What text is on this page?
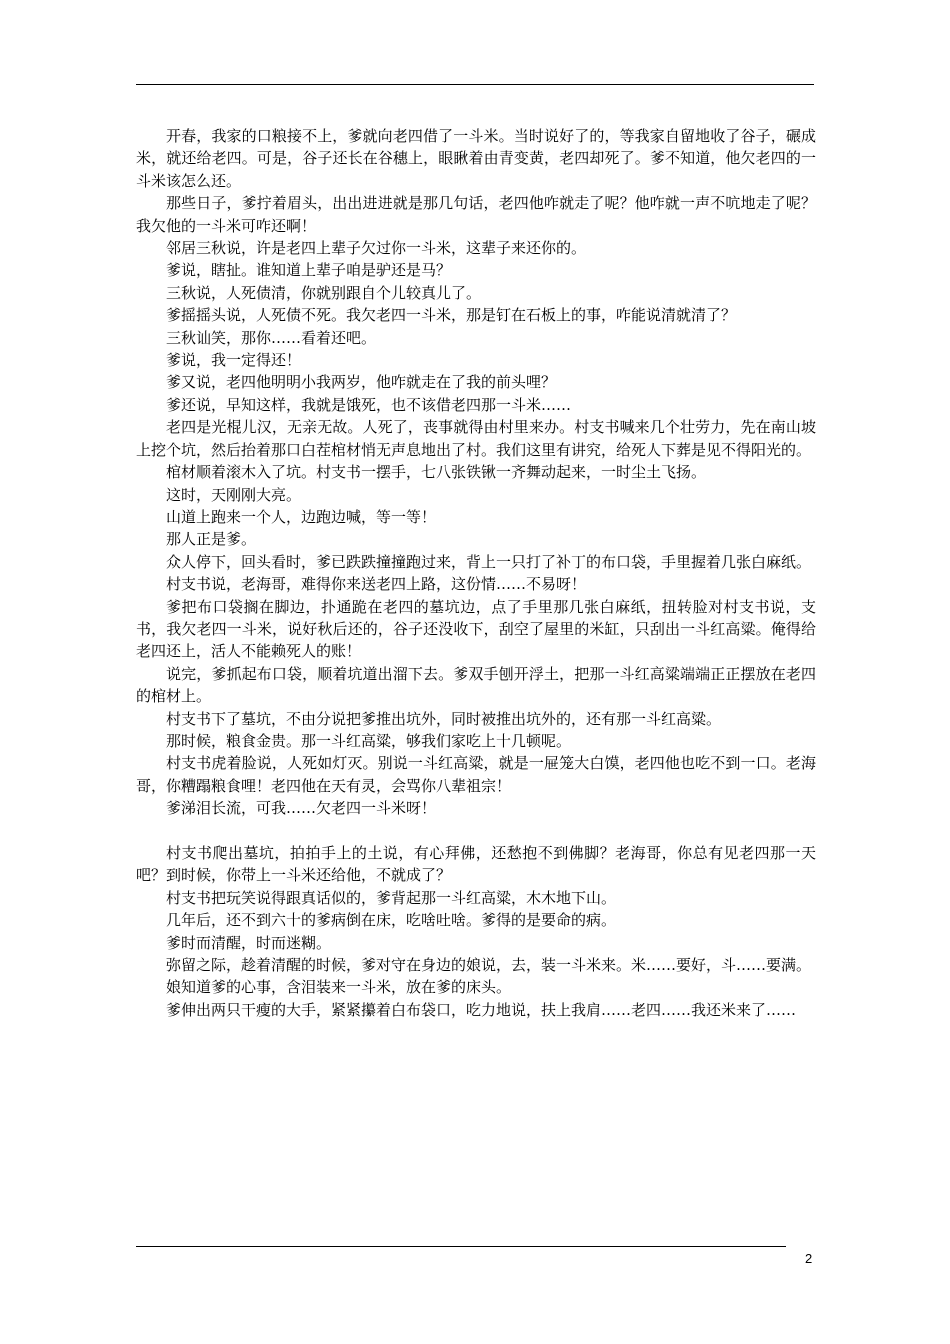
开春，我家的口粮接不上，爹就向老四借了一斗米。当时说好了的，等我家自留地收了谷子，碾成米，就还给老四。可是，谷子还长在谷穗上，眼瞅着由青变黄，老四却死了。爹不知道，他欠老四的一斗米该怎么还。

那些日子，爹拧着眉头，出出进进就是那几句话，老四他咋就走了呢？他咋就一声不吭地走了呢？我欠他的一斗米可咋还啊！

邻居三秋说，许是老四上辈子欠过你一斗米，这辈子来还你的。

爹说，瞎扯。谁知道上辈子咱是驴还是马？

三秋说，人死债清，你就别跟自个儿较真儿了。

爹摇摇头说，人死债不死。我欠老四一斗米，那是钉在石板上的事，咋能说清就清了？

三秋讪笑，那你……看着还吧。

爹说，我一定得还！

爹又说，老四他明明小我两岁，他咋就走在了我的前头哩？

爹还说，早知这样，我就是饿死，也不该借老四那一斗米……

老四是光棍儿汉，无亲无故。人死了，丧事就得由村里来办。村支书喊来几个壮劳力，先在南山坡上挖个坑，然后抬着那口白茬棺材悄无声息地出了村。我们这里有讲究，给死人下葬是见不得阳光的。

棺材顺着滚木入了坑。村支书一摆手，七八张铁锹一齐舞动起来，一时尘土飞扬。

这时，天刚刚大亮。

山道上跑来一个人，边跑边喊，等一等！

那人正是爹。

众人停下，回头看时，爹已跌跌撞撞跑过来，背上一只打了补丁的布口袋，手里握着几张白麻纸。

村支书说，老海哥，难得你来送老四上路，这份情……不易呀！

爹把布口袋搁在脚边，扑通跪在老四的墓坑边，点了手里那几张白麻纸，扭转脸对村支书说，支书，我欠老四一斗米，说好秋后还的，谷子还没收下，刮空了屋里的米缸，只刮出一斗红高粱。俺得给老四还上，活人不能赖死人的账！

说完，爹抓起布口袋，顺着坑道出溜下去。爹双手刨开浮土，把那一斗红高粱端端正正摆放在老四的棺材上。

村支书下了墓坑，不由分说把爹推出坑外，同时被推出坑外的，还有那一斗红高粱。

那时候，粮食金贵。那一斗红高粱，够我们家吃上十几顿呢。

村支书虎着脸说，人死如灯灭。别说一斗红高粱，就是一屉笼大白馍，老四他也吃不到一口。老海哥，你糟蹋粮食哩！老四他在天有灵，会骂你八辈祖宗！

爹涕泪长流，可我……欠老四一斗米呀！

村支书爬出墓坑，拍拍手上的土说，有心拜佛，还愁抱不到佛脚？老海哥，你总有见老四那一天吧？到时候，你带上一斗米还给他，不就成了？

村支书把玩笑说得跟真话似的，爹背起那一斗红高粱，木木地下山。

几年后，还不到六十的爹病倒在床，吃啥吐啥。爹得的是要命的病。

爹时而清醒，时而迷糊。

弥留之际，趁着清醒的时候，爹对守在身边的娘说，去，装一斗米来。米……要好，斗……要满。

娘知道爹的心事，含泪装来一斗米，放在爹的床头。

爹伸出两只干瘦的大手，紧紧攥着白布袋口，吃力地说，扶上我肩……老四……我还米来了……

2
